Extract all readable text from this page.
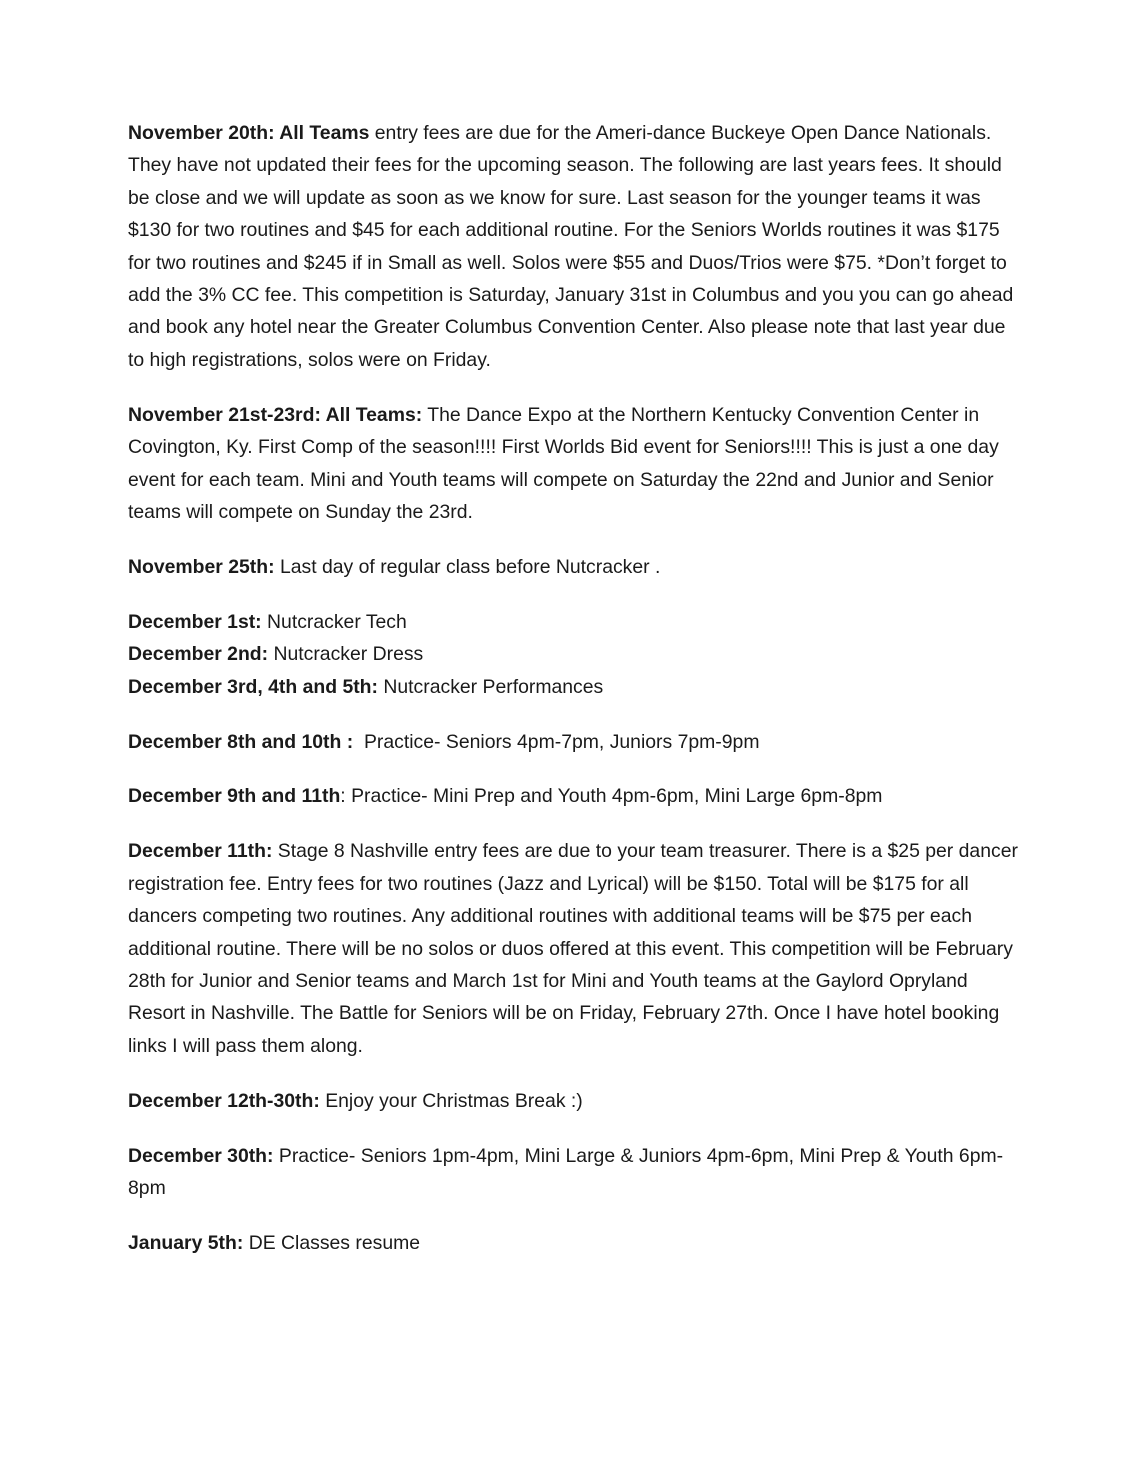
November 20th: All Teams entry fees are due for the Ameri-dance Buckeye Open Dance Nationals. They have not updated their fees for the upcoming season. The following are last years fees. It should be close and we will update as soon as we know for sure. Last season for the younger teams it was $130 for two routines and $45 for each additional routine. For the Seniors Worlds routines it was $175 for two routines and $245 if in Small as well. Solos were $55 and Duos/Trios were $75. *Don’t forget to add the 3% CC fee. This competition is Saturday, January 31st in Columbus and you you can go ahead and book any hotel near the Greater Columbus Convention Center. Also please note that last year due to high registrations, solos were on Friday.

November 21st-23rd: All Teams: The Dance Expo at the Northern Kentucky Convention Center in Covington, Ky. First Comp of the season!!!! First Worlds Bid event for Seniors!!!! This is just a one day event for each team. Mini and Youth teams will compete on Saturday the 22nd and Junior and Senior teams will compete on Sunday the 23rd.

November 25th: Last day of regular class before Nutcracker .

December 1st: Nutcracker Tech

December 2nd: Nutcracker Dress

December 3rd, 4th and 5th: Nutcracker Performances

December 8th and 10th :  Practice- Seniors 4pm-7pm, Juniors 7pm-9pm

December 9th and 11th: Practice- Mini Prep and Youth 4pm-6pm, Mini Large 6pm-8pm

December 11th: Stage 8 Nashville entry fees are due to your team treasurer. There is a $25 per dancer registration fee. Entry fees for two routines (Jazz and Lyrical) will be $150. Total will be $175 for all dancers competing two routines. Any additional routines with additional teams will be $75 per each additional routine. There will be no solos or duos offered at this event. This competition will be February 28th for Junior and Senior teams and March 1st for Mini and Youth teams at the Gaylord Opryland Resort in Nashville. The Battle for Seniors will be on Friday, February 27th. Once I have hotel booking links I will pass them along.

December 12th-30th: Enjoy your Christmas Break :)

December 30th: Practice- Seniors 1pm-4pm, Mini Large & Juniors 4pm-6pm, Mini Prep & Youth 6pm-8pm

January 5th: DE Classes resume
